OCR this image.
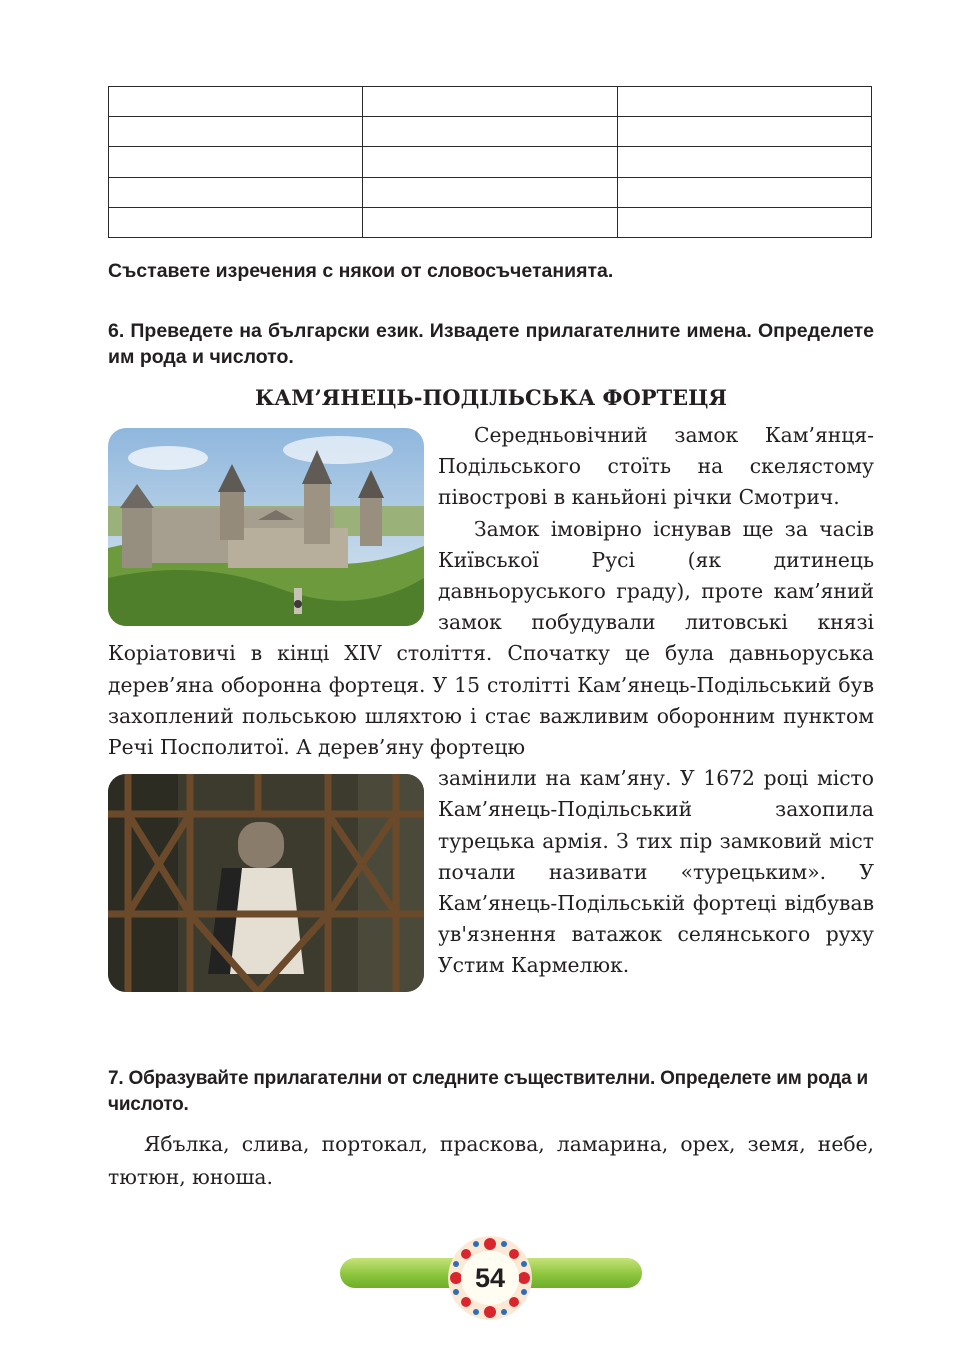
Съставете изречения с някои от словосъчетанията.

6. Преведете на български език. Извадете прилагателните имена. Определете им рода и числото.

КАМ’ЯНЕЦЬ-ПОДІЛЬСЬКА ФОРТЕЦЯ

Середньовічний замок Кам’янця-Подільського стоїть на скелястому півострові в каньйоні річки Смотрич.

Замок імовірно існував ще за часів Київської Русі (як дитинець давньоруського граду), проте кам’яний замок побудували литовські князі Коріатовичі в кінці XIV століття. Спочатку це була давньоруська дерев’яна оборонна фортеця. У 15 столітті Кам’янець-Подільський був захоплений польською шляхтою і стає важливим оборонним пунктом Речі Посполитої. А дерев’яну фортецю

замінили на кам’яну. У 1672 році місто Кам’янець-Подільський захопила турецька армія. З тих пір замковий міст почали називати «турецьким». У Кам’янець-Подільській фортеці відбував ув'язнення ватажок селянського руху Устим Кармелюк.

7. Образувайте прилагателни от следните съществителни. Определете им рода и числото.

Ябълка, слива, портокал, праскова, ламарина, орех, земя, небе, тютюн, юноша.

54
